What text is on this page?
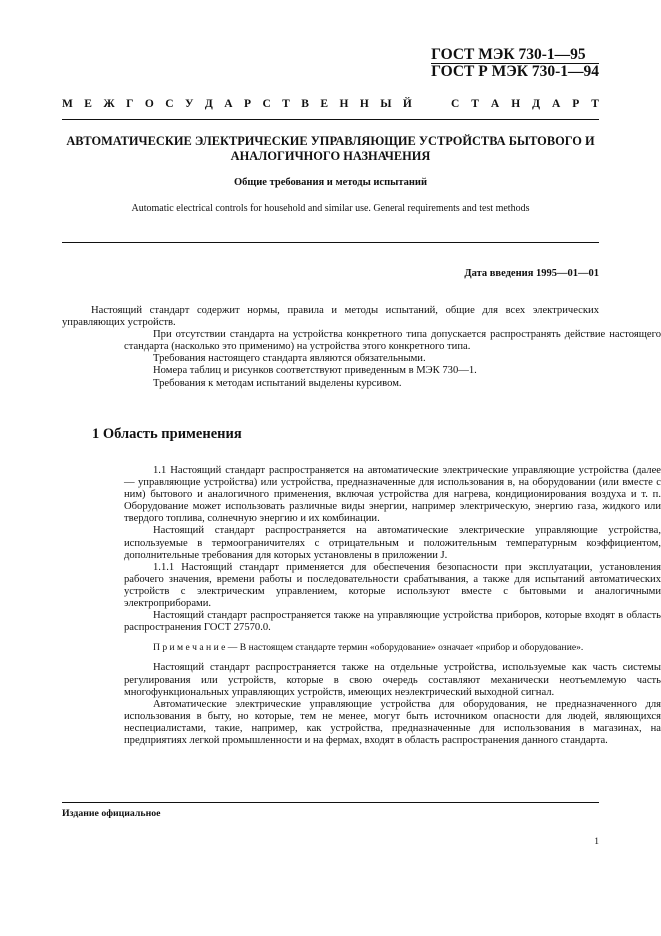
ГОСТ МЭК 730-1—95
ГОСТ Р МЭК 730-1—94
М Е Ж Г О С У Д А Р С Т В Е Н Н Ы Й	С Т А Н Д А Р Т
АВТОМАТИЧЕСКИЕ ЭЛЕКТРИЧЕСКИЕ УПРАВЛЯЮЩИЕ УСТРОЙСТВА БЫТОВОГО И АНАЛОГИЧНОГО НАЗНАЧЕНИЯ
Общие требования и методы испытаний
Automatic electrical controls for household and similar use. General requirements and test methods
Дата введения 1995—01—01

Настоящий стандарт содержит нормы, правила и методы испытаний, общие для всех электрических управляющих устройств.

При отсутствии стандарта на устройства конкретного типа допускается распространять действие настоящего стандарта (насколько это применимо) на устройства этого конкретного типа.

Требования настоящего стандарта являются обязательными.

Номера таблиц и рисунков соответствуют приведенным в МЭК 730—1.

Требования к методам испытаний выделены курсивом.

1 Область применения

1.1 Настоящий стандарт распространяется на автоматические электрические управляющие устройства (далее — управляющие устройства) или устройства, предназначенные для использования в, на оборудовании (или вместе с ним) бытового и аналогичного применения, включая устройства для нагрева, кондиционирования воздуха и т. п. Оборудование может использовать различные виды энергии, например электрическую, энергию газа, жидкого или твердого топлива, солнечную энергию и их комбинации.

Настоящий стандарт распространяется на автоматические электрические управляющие устройства, используемые в термоограничителях с отрицательным и положительным температурным коэффициентом, дополнительные требования для которых установлены в приложении J.

1.1.1 Настоящий стандарт применяется для обеспечения безопасности при эксплуатации, установления рабочего значения, времени работы и последовательности срабатывания, а также для испытаний автоматических устройств с электрическим управлением, которые используют вместе с бытовыми и аналогичными электроприборами.

Настоящий стандарт распространяется также на управляющие устройства приборов, которые входят в область распространения ГОСТ 27570.0.

П р и м е ч а н и е — В настоящем стандарте термин «оборудование» означает «прибор и оборудование».

Настоящий стандарт распространяется также на отдельные устройства, используемые как часть системы регулирования или устройств, которые в свою очередь составляют механически неотъемлемую часть многофункциональных управляющих устройств, имеющих неэлектрический выходной сигнал.

Автоматические электрические управляющие устройства для оборудования, не предназначенного для использования в быту, но которые, тем не менее, могут быть источником опасности для людей, являющихся неспециалистами, такие, например, как устройства, предназначенные для использования в магазинах, на предприятиях легкой промышленности и на фермах, входят в область распространения данного стандарта.

Издание официальное
1
